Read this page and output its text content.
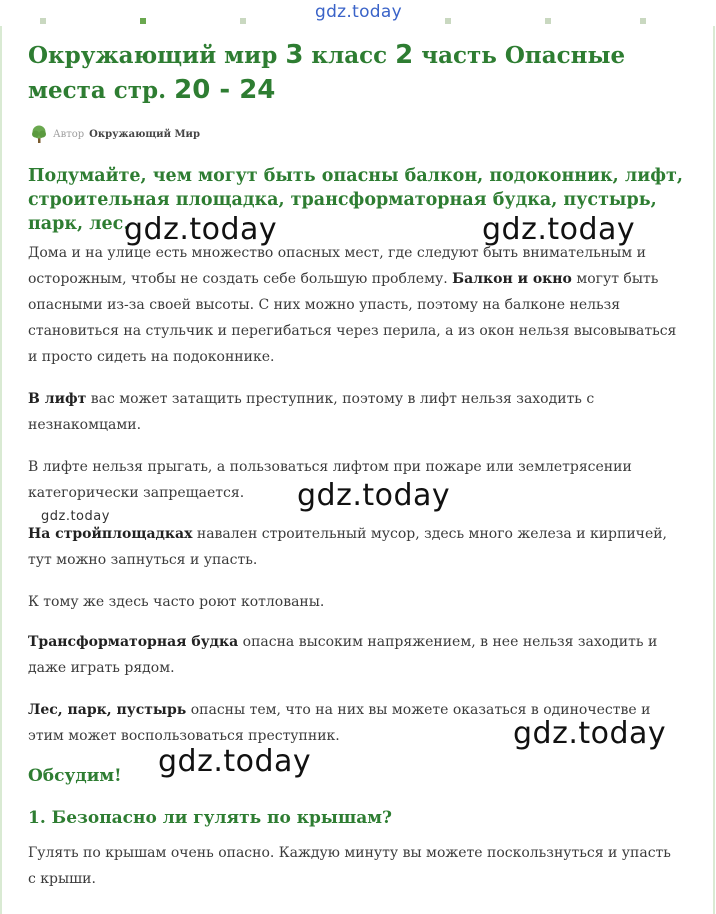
gdz.today
Окружающий мир 3 класс 2 часть Опасные места стр. 20 - 24
Автор Окружающий Мир
Подумайте, чем могут быть опасны балкон, подоконник, лифт, строительная площадка, трансформаторная будка, пустырь, парк, лес.

Дома и на улице есть множество опасных мест, где следуют быть внимательным и осторожным, чтобы не создать себе большую проблему. Балкон и окно могут быть опасными из-за своей высоты. С них можно упасть, поэтому на балконе нельзя становиться на стульчик и перегибаться через перила, а из окон нельзя высовываться и просто сидеть на подоконнике.

В лифт вас может затащить преступник, поэтому в лифт нельзя заходить с незнакомцами.

В лифте нельзя прыгать, а пользоваться лифтом при пожаре или землетрясении категорически запрещается.

На стройплощадках навален строительный мусор, здесь много железа и кирпичей, тут можно запнуться и упасть.

К тому же здесь часто роют котлованы.

Трансформаторная будка опасна высоким напряжением, в нее нельзя заходить и даже играть рядом.

Лес, парк, пустырь опасны тем, что на них вы можете оказаться в одиночестве и этим может воспользоваться преступник.

Обсудим!
1. Безопасно ли гулять по крышам?

Гулять по крышам очень опасно. Каждую минуту вы можете поскользнуться и упасть с крыши.

gdz.today	gdz.today
gdz.today
gdz.today
gdz.today
gdz.today
